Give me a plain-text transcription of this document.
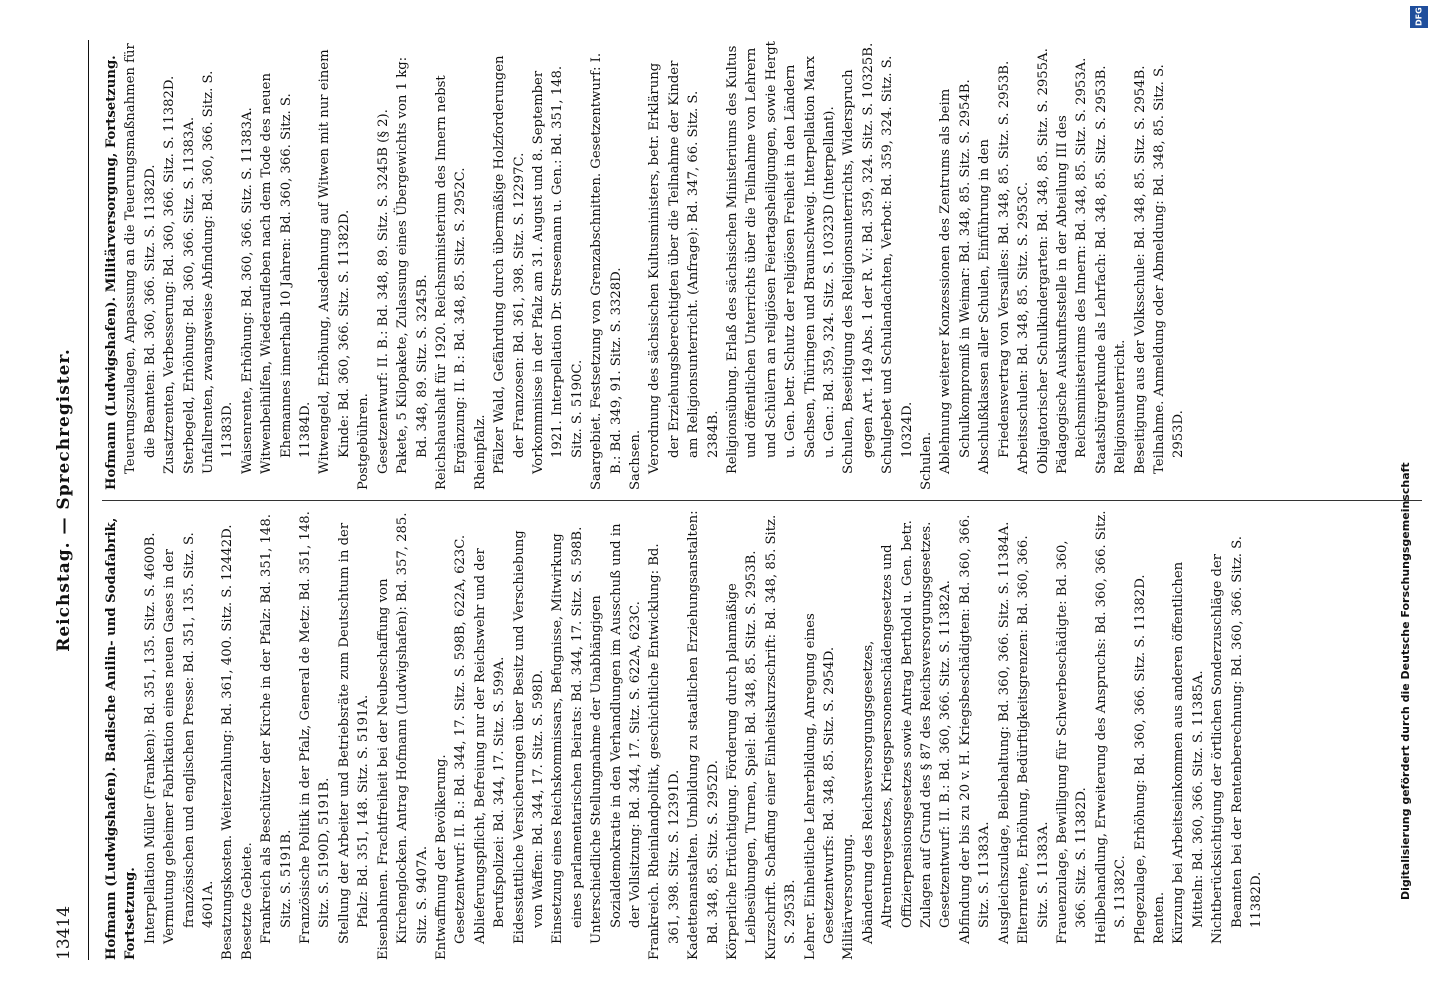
13414
Reichstag. — Sprechregister.

Hofmann (Ludwigshafen). Badische Anilin- und Sodafabrik, Fortsetzung. Interpellation Müller (Franken): Bd. 351, 135. Sitz. S. 4600B. Vermutung geheimer Fabrikation eines neuen Gases in der französischen und englischen Presse: Bd. 351, 135. Sitz. S. 4601A. Besatzungskosten. Weiterzahlung: Bd. 361, 400. Sitz. S. 12442D. Besetzte Gebiete. Frankreich als Beschützer der Kirche in der Pfalz: Bd. 351, 148. Sitz. S. 5191B. Französische Politik in der Pfalz, General de Metz: Bd. 351, 148. Sitz. S. 5190D, 5191B. Stellung der Arbeiter und Betriebsräte zum Deutschtum in der Pfalz: Bd. 351, 148. Sitz. S. 5191A. Eisenbahnen. Frachtfreiheit bei der Neubeschaffung von Kirchenglocken. Antrag Hofmann (Ludwigshafen): Bd. 357, 285. Sitz. S. 9407A. Entwaffnung der Bevölkerung. Gesetzentwurf: II. B.: Bd. 344, 17. Sitz. S. 598B, 622A, 623C. Ablieferungspflicht, Befreiung nur der Reichswehr und der Berufspolizei: Bd. 344, 17. Sitz. S. 599A. Eidesstattliche Versicherungen über Besitz und Verschiebung von Waffen: Bd. 344, 17. Sitz. S. 598D. Einsetzung eines Reichskommissars, Befugnisse, Mitwirkung eines parlamentarischen Beirats: Bd. 344, 17. Sitz. S. 598B. Unterschiedliche Stellungnahme der Unabhängigen Sozialdemokratie in den Verhandlungen im Ausschuß und in der Vollsitzung: Bd. 344, 17. Sitz. S. 622A, 623C. Frankreich. Rheinlandpolitik, geschichtliche Entwicklung: Bd. 361, 398. Sitz. S. 12391D. Kadettenanstalten. Umbildung zu staatlichen Erziehungsanstalten: Bd. 348, 85. Sitz. S. 2952D. Körperliche Ertüchtigung. Förderung durch planmäßige Leibesübungen, Turnen, Spiel: Bd. 348, 85. Sitz. S. 2953B. Kurzschrift. Schaffung einer Einheitskurzschrift: Bd. 348, 85. Sitz. S. 2953B. Lehrer. Einheitliche Lehrerbildung, Anregung eines Gesetzentwurfs: Bd. 348, 85. Sitz. S. 2954D. Militärversorgung. Abänderung des Reichsversorgungsgesetzes, Altrentnergesetzes, Kriegspersonenschädengesetzes und Offizierpensionsgesetzes sowie Antrag Berthold u. Gen. betr. Zulagen auf Grund des § 87 des Reichsversorgungsgesetzes. Gesetzentwurf: II. B.: Bd. 360, 366. Sitz. S. 11382A. Abfindung der bis zu 20 v. H. Kriegsbeschädigten: Bd. 360, 366. Sitz. S. 11383A. Ausgleichszulage, Beibehaltung: Bd. 360, 366. Sitz. S. 11384A. Elternrente, Erhöhung, Bedürftigkeitsgrenzen: Bd. 360, 366. Sitz. S. 11383A. Frauenzulage, Bewilligung für Schwerbeschädigte: Bd. 360, 366. Sitz. S. 11382D. Heilbehandlung, Erweiterung des Anspruchs: Bd. 360, 366. Sitz. S. 11382C. Pflegezulage, Erhöhung: Bd. 360, 366. Sitz. S. 11382D. Renten. Kürzung bei Arbeitseinkommen aus anderen öffentlichen Mitteln: Bd. 360, 366. Sitz. S. 11385A. Nichtberücksichtigung der örtlichen Sonderzuschläge der Beamten bei der Rentenberechnung: Bd. 360, 366. Sitz. S. 11382D.

Hofmann (Ludwigshafen). Militärversorgung, Fortsetzung. Teuerungszulagen, Anpassung an die Teuerungsmaßnahmen für die Beamten: Bd. 360, 366. Sitz. S. 11382D. Zusatzrenten, Verbesserung: Bd. 360, 366. Sitz. S. 11382D. Sterbegeld, Erhöhung: Bd. 360, 366. Sitz. S. 11383A. Unfallrenten, zwangsweise Abfindung: Bd. 360, 366. Sitz. S. 11383D. Waisenrente, Erhöhung: Bd. 360, 366. Sitz. S. 11383A. Witwenbeihilfen, Wiederaufleben nach dem Tode des neuen Ehemannes innerhalb 10 Jahren: Bd. 360, 366. Sitz. S. 11384D. Witwengeld, Erhöhung, Ausdehnung auf Witwen mit nur einem Kinde: Bd. 360, 366. Sitz. S. 11382D. Postgebühren. Gesetzentwurf: II. B.: Bd. 348, 89. Sitz. S. 3245B (§ 2). Pakete, 5 Kilopakete, Zulassung eines Übergewichts von 1 kg: Bd. 348, 89. Sitz. S. 3245B. Reichshaushalt für 1920. Reichsministerium des Innern nebst Ergänzung: II. B.: Bd. 348, 85. Sitz. S. 2952C. Rheinpfalz. Pfälzer Wald, Gefährdung durch übermäßige Holzforderungen der Franzosen: Bd. 361, 398. Sitz. S. 12297C. Vorkommnisse in der Pfalz am 31. August und 8. September 1921. Interpellation Dr. Stresemann u. Gen.: Bd. 351, 148. Sitz. S. 5190C. Saargebiet. Festsetzung von Grenzabschnitten. Gesetzentwurf: I. B.: Bd. 349, 91. Sitz. S. 3328D. Sachsen. Verordnung des sächsischen Kultusministers, betr. Erklärung der Erziehungsberechtigten über die Teilnahme der Kinder am Religionsunterricht. (Anfrage): Bd. 347, 66. Sitz. S. 2384B. Religionsübung. Erlaß des sächsischen Ministeriums des Kultus und öffentlichen Unterrichts über die Teilnahme von Lehrern und Schülern an religiösen Feiertagsheiligungen, sowie Hergt u. Gen. betr. Schutz der religiösen Freiheit in den Ländern Sachsen, Thüringen und Braunschweig. Interpellation Marx u. Gen.: Bd. 359, 324. Sitz. S. 10323D (Interpellant). Schulen, Beseitigung des Religionsunterrichts, Widerspruch gegen Art. 149 Abs. 1 der R. V.: Bd. 359, 324. Sitz. S. 10325B. Schulgebet und Schulandachten, Verbot: Bd. 359, 324. Sitz. S. 10324D.

Schulen. Ablehnung weiterer Konzessionen des Zentrums als beim Schulkompromiß in Weimar: Bd. 348, 85. Sitz. S. 2954B. Abschlußklassen aller Schulen, Einführung in den Friedensvertrag von Versailles: Bd. 348, 85. Sitz. S. 2953B. Arbeitsschulen: Bd. 348, 85. Sitz. S. 2953C. Obligatorischer Schulkindergarten: Bd. 348, 85. Sitz. S. 2955A. Pädagogische Auskunftsstelle in der Abteilung III des Reichsministeriums des Innern: Bd. 348, 85. Sitz. S. 2953A. Staatsbürgerkunde als Lehrfach: Bd. 348, 85. Sitz. S. 2953B. Religionsunterricht. Beseitigung aus der Volksschule: Bd. 348, 85. Sitz. S. 2954B. Teilnahme. Anmeldung oder Abmeldung: Bd. 348, 85. Sitz. S. 2953D.

Digitalisierung gefördert durch die Deutsche Forschungsgemeinschaft
DFG
